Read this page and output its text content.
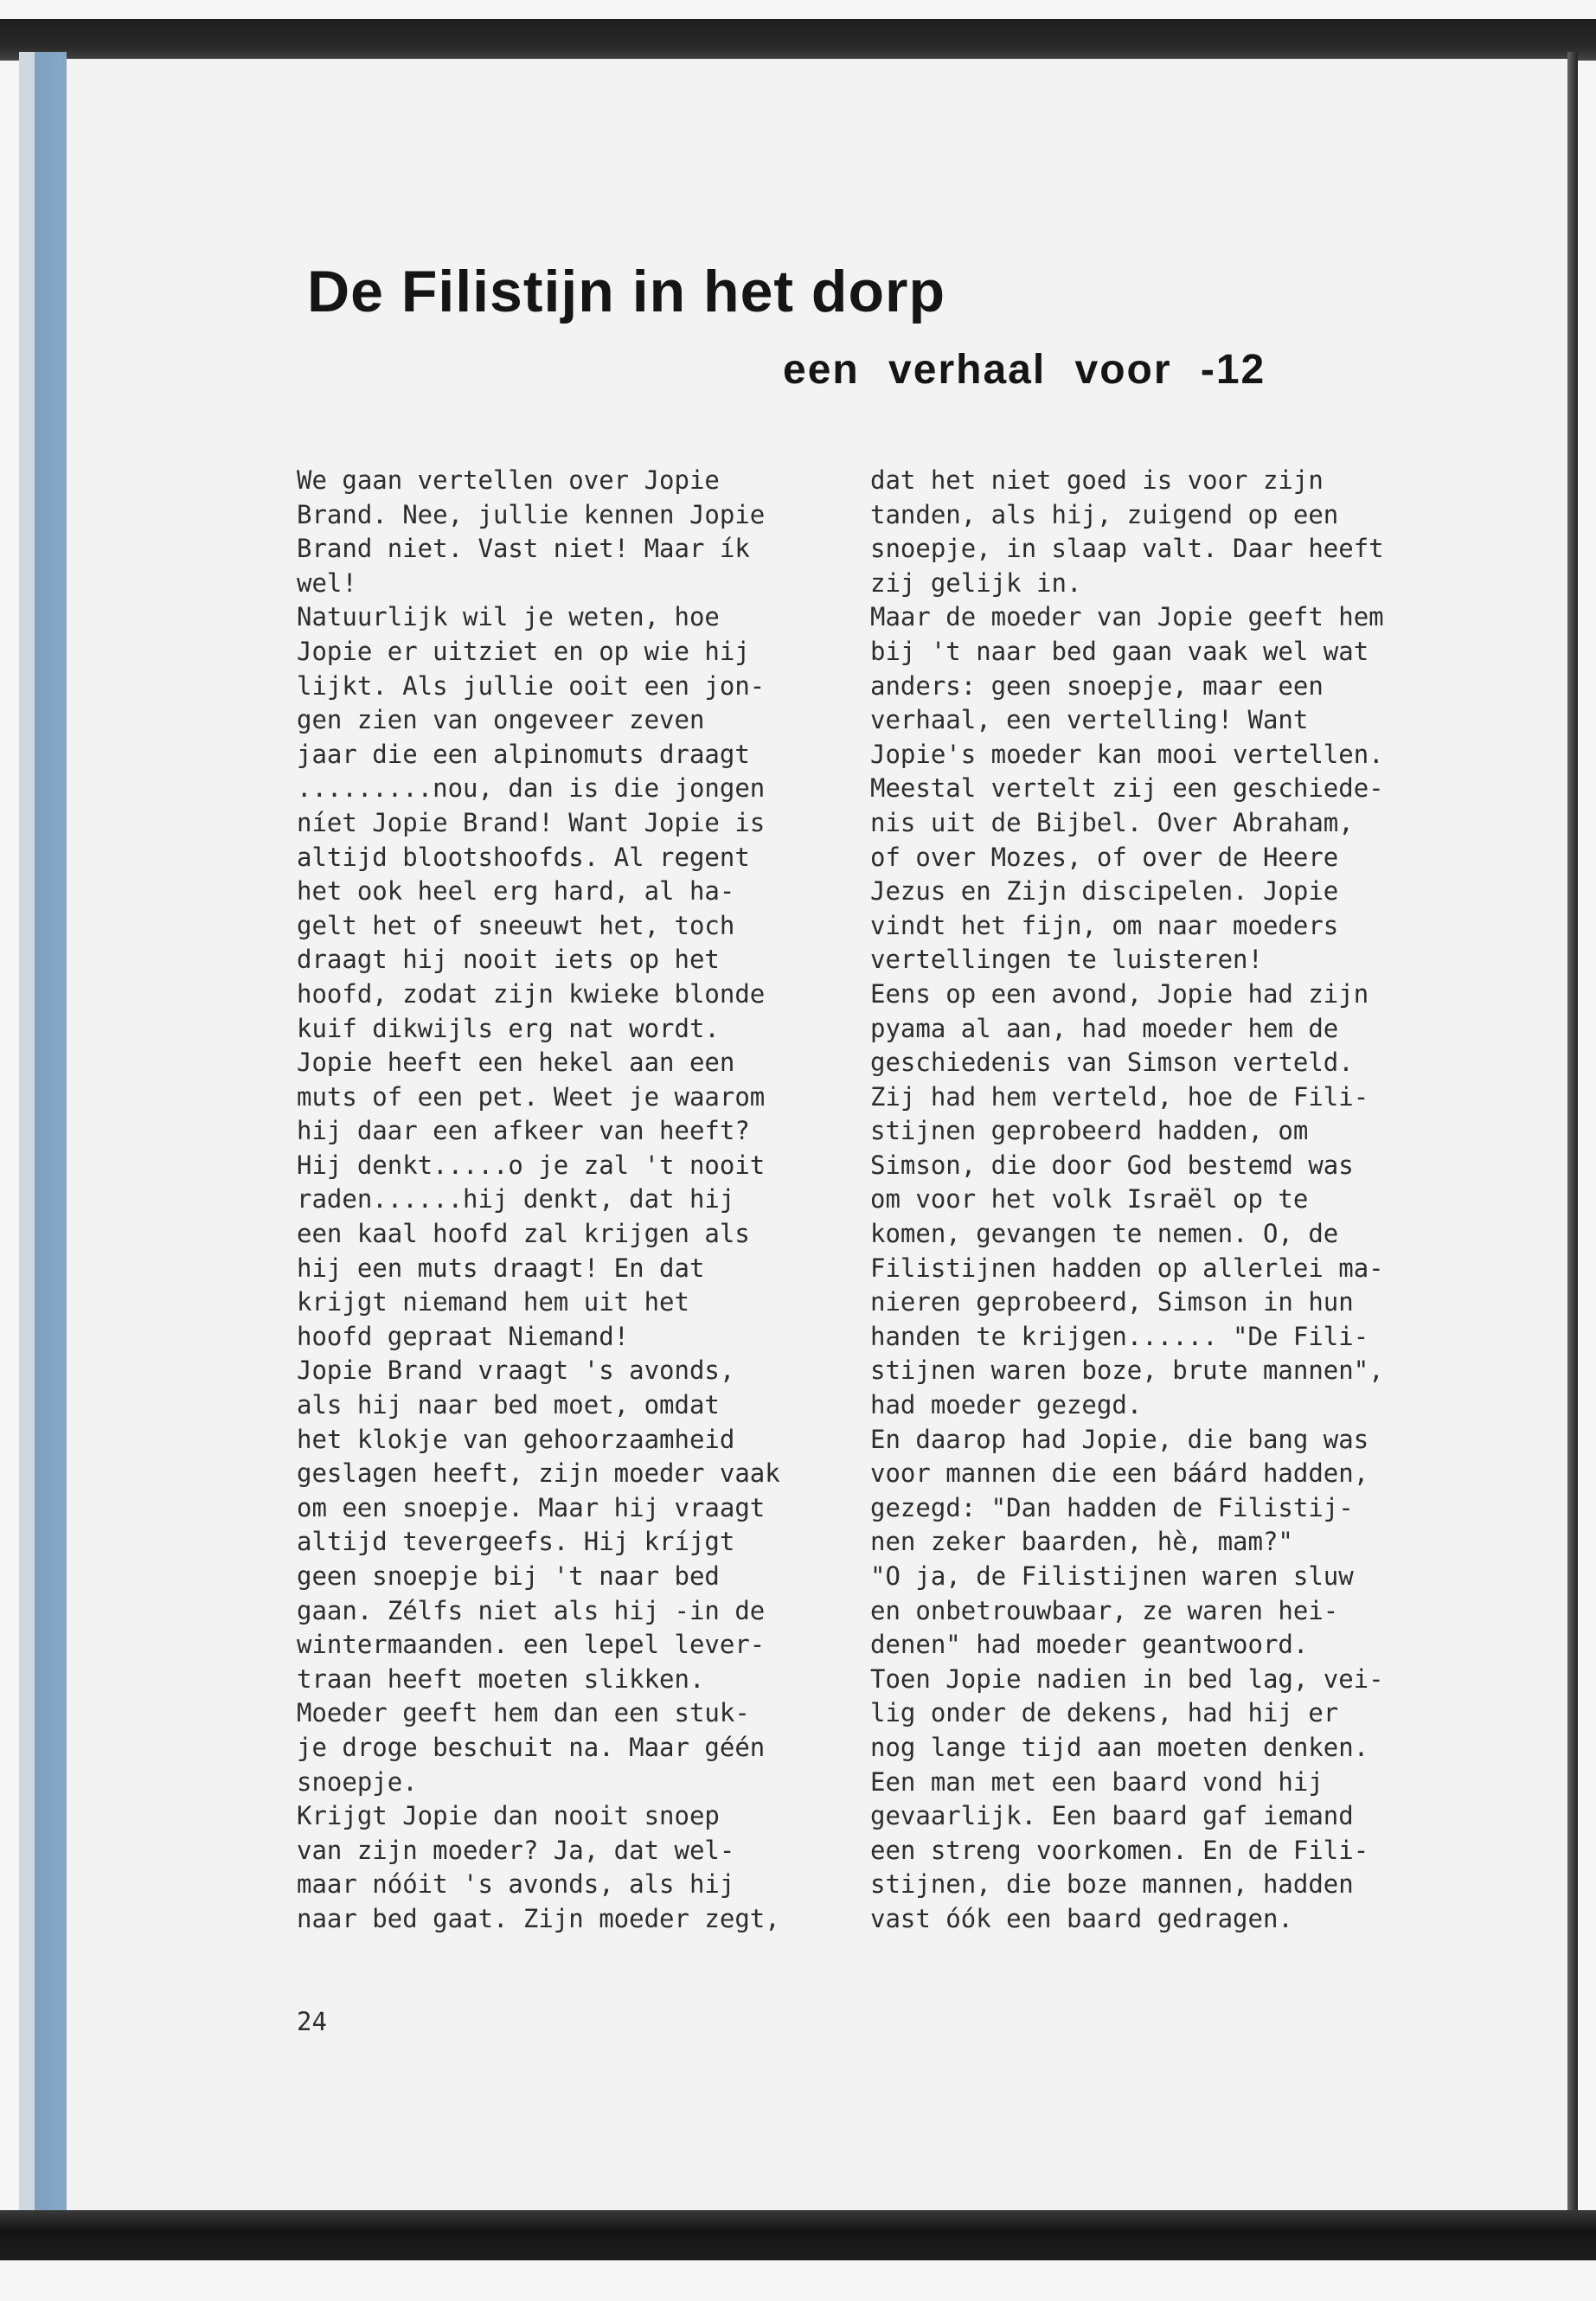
De Filistijn in het dorp
een verhaal voor -12
We gaan vertellen over Jopie
Brand. Nee, jullie kennen Jopie
Brand niet. Vast niet! Maar ík
wel!
Natuurlijk wil je weten, hoe
Jopie er uitziet en op wie hij
lijkt. Als jullie ooit een jon-
gen zien van ongeveer zeven
jaar die een alpinomuts draagt
.........nou, dan is die jongen
níet Jopie Brand! Want Jopie is
altijd blootshoofds. Al regent
het ook heel erg hard, al ha-
gelt het of sneeuwt het, toch
draagt hij nooit iets op het
hoofd, zodat zijn kwieke blonde
kuif dikwijls erg nat wordt.
Jopie heeft een hekel aan een
muts of een pet. Weet je waarom
hij daar een afkeer van heeft?
Hij denkt.....o je zal 't nooit
raden......hij denkt, dat hij
een kaal hoofd zal krijgen als
hij een muts draagt! En dat
krijgt niemand hem uit het
hoofd gepraat Niemand!
Jopie Brand vraagt 's avonds,
als hij naar bed moet, omdat
het klokje van gehoorzaamheid
geslagen heeft, zijn moeder vaak
om een snoepje. Maar hij vraagt
altijd tevergeefs. Hij kríjgt
geen snoepje bij 't naar bed
gaan. Zélfs niet als hij -in de
wintermaanden. een lepel lever-
traan heeft moeten slikken.
Moeder geeft hem dan een stuk-
je droge beschuit na. Maar géén
snoepje.
Krijgt Jopie dan nooit snoep
van zijn moeder? Ja, dat wel-
maar nóóit 's avonds, als hij
naar bed gaat. Zijn moeder zegt,
dat het niet goed is voor zijn
tanden, als hij, zuigend op een
snoepje, in slaap valt. Daar heeft
zij gelijk in.
Maar de moeder van Jopie geeft hem
bij 't naar bed gaan vaak wel wat
anders: geen snoepje, maar een
verhaal, een vertelling! Want
Jopie's moeder kan mooi vertellen.
Meestal vertelt zij een geschiede-
nis uit de Bijbel. Over Abraham,
of over Mozes, of over de Heere
Jezus en Zijn discipelen. Jopie
vindt het fijn, om naar moeders
vertellingen te luisteren!
Eens op een avond, Jopie had zijn
pyama al aan, had moeder hem de
geschiedenis van Simson verteld.
Zij had hem verteld, hoe de Fili-
stijnen geprobeerd hadden, om
Simson, die door God bestemd was
om voor het volk Israël op te
komen, gevangen te nemen. O, de
Filistijnen hadden op allerlei ma-
nieren geprobeerd, Simson in hun
handen te krijgen...... "De Fili-
stijnen waren boze, brute mannen",
had moeder gezegd.
En daarop had Jopie, die bang was
voor mannen die een báárd hadden,
gezegd: "Dan hadden de Filistij-
nen zeker baarden, hè, mam?"
"O ja, de Filistijnen waren sluw
en onbetrouwbaar, ze waren hei-
denen" had moeder geantwoord.
Toen Jopie nadien in bed lag, vei-
lig onder de dekens, had hij er
nog lange tijd aan moeten denken.
Een man met een baard vond hij
gevaarlijk. Een baard gaf iemand
een streng voorkomen. En de Fili-
stijnen, die boze mannen, hadden
vast óók een baard gedragen.
24
